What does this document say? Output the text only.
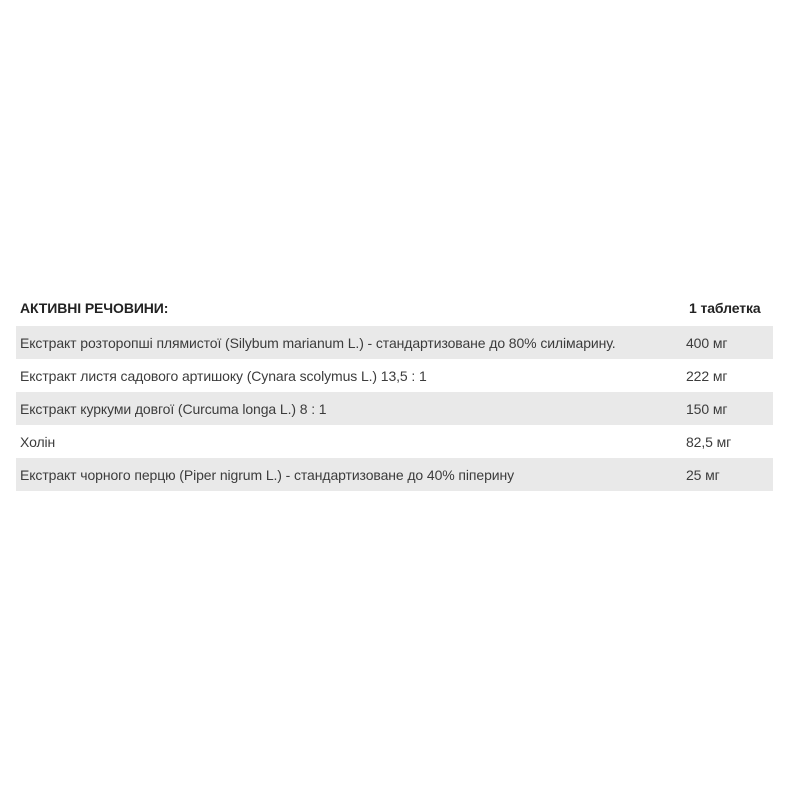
АКТИВНІ РЕЧОВИНИ:	1 таблетка
Екстракт розторопші плямистої (Silybum marianum L.) - стандартизоване до 80% силімарину.	400 мг
Екстракт листя садового артишоку (Cynara scolymus L.) 13,5 : 1	222 мг
Екстракт куркуми довгої (Curcuma longa L.) 8 : 1	150 мг
Холін	82,5 мг
Екстракт чорного перцю (Piper nigrum L.) - стандартизоване до 40% піперину	25 мг
